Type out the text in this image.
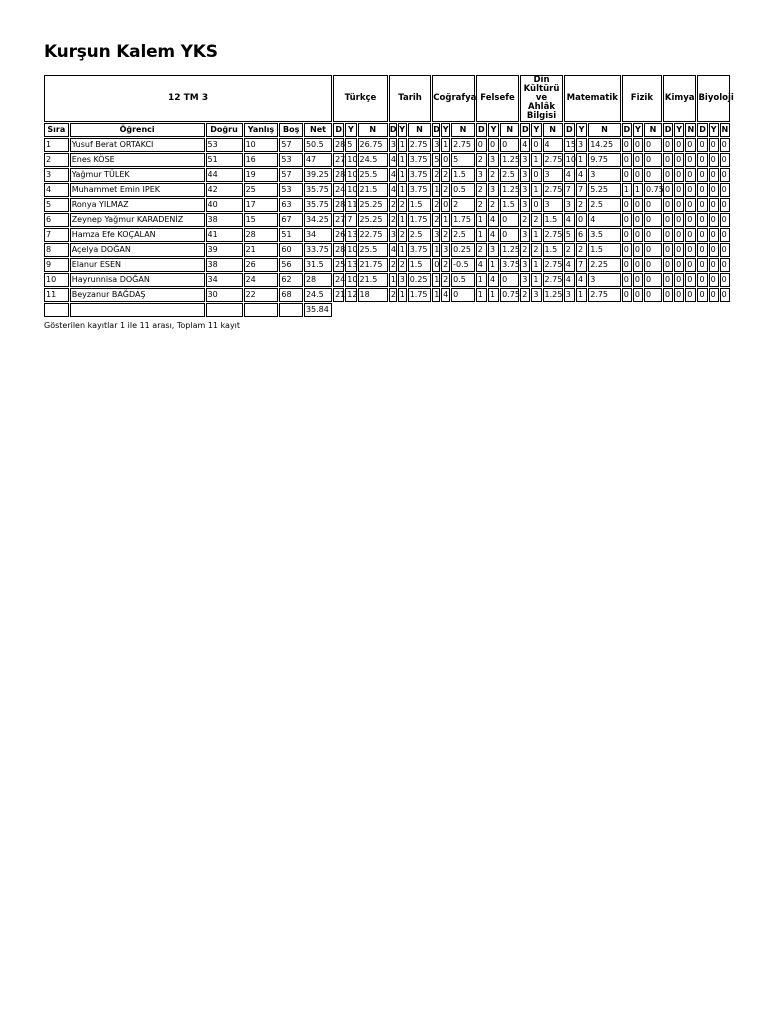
Kurşun Kalem YKS
12 TM 3						Türkçe			Tarih			Coğrafya			Felsefe			Din Kültürü ve Ahlâk Bilgisi			Matematik			Fizik			Kimya			Biyoloji		
Sıra	Öğrenci	Doğru	Yanlış	Boş	Net	D	Y	N	D	Y	N	D	Y	N	D	Y	N	D	Y	N	D	Y	N	D	Y	N	D	Y	N	D	Y	N
1	Yusuf Berat ORTAKCI	53	10	57	50.5	28	5	26.75	3	1	2.75	3	1	2.75	0	0	0	4	0	4	15	3	14.25	0	0	0	0	0	0	0	0	0
2	Enes KÖSE	51	16	53	47	27	10	24.5	4	1	3.75	5	0	5	2	3	1.25	3	1	2.75	10	1	9.75	0	0	0	0	0	0	0	0	0
3	Yağmur TÜLEK	44	19	57	39.25	28	10	25.5	4	1	3.75	2	2	1.5	3	2	2.5	3	0	3	4	4	3	0	0	0	0	0	0	0	0	0
4	Muhammet Emin IPEK	42	25	53	35.75	24	10	21.5	4	1	3.75	1	2	0.5	2	3	1.25	3	1	2.75	7	7	5.25	1	1	0.75	0	0	0	0	0	0
5	Ronya YILMAZ	40	17	63	35.75	28	11	25.25	2	2	1.5	2	0	2	2	2	1.5	3	0	3	3	2	2.5	0	0	0	0	0	0	0	0	0
6	Zeynep Yağmur KARADENİZ	38	15	67	34.25	27	7	25.25	2	1	1.75	2	1	1.75	1	4	0	2	2	1.5	4	0	4	0	0	0	0	0	0	0	0	0
7	Hamza Efe KOÇALAN	41	28	51	34	26	13	22.75	3	2	2.5	3	2	2.5	1	4	0	3	1	2.75	5	6	3.5	0	0	0	0	0	0	0	0	0
8	Açelya DOĞAN	39	21	60	33.75	28	10	25.5	4	1	3.75	1	3	0.25	2	3	1.25	2	2	1.5	2	2	1.5	0	0	0	0	0	0	0	0	0
9	Elanur ESEN	38	26	56	31.5	25	13	21.75	2	2	1.5	0	2	-0.5	4	1	3.75	3	1	2.75	4	7	2.25	0	0	0	0	0	0	0	0	0
10	Hayrunnisa DOĞAN	34	24	62	28	24	10	21.5	1	3	0.25	1	2	0.5	1	4	0	3	1	2.75	4	4	3	0	0	0	0	0	0	0	0	0
11	Beyzanur BAĞDAŞ	30	22	68	24.5	21	12	18	2	1	1.75	1	4	0	1	1	0.75	2	3	1.25	3	1	2.75	0	0	0	0	0	0	0	0	0
					35.84																											
Gösterilen kayıtlar 1 ile 11 arası, Toplam 11 kayıt
